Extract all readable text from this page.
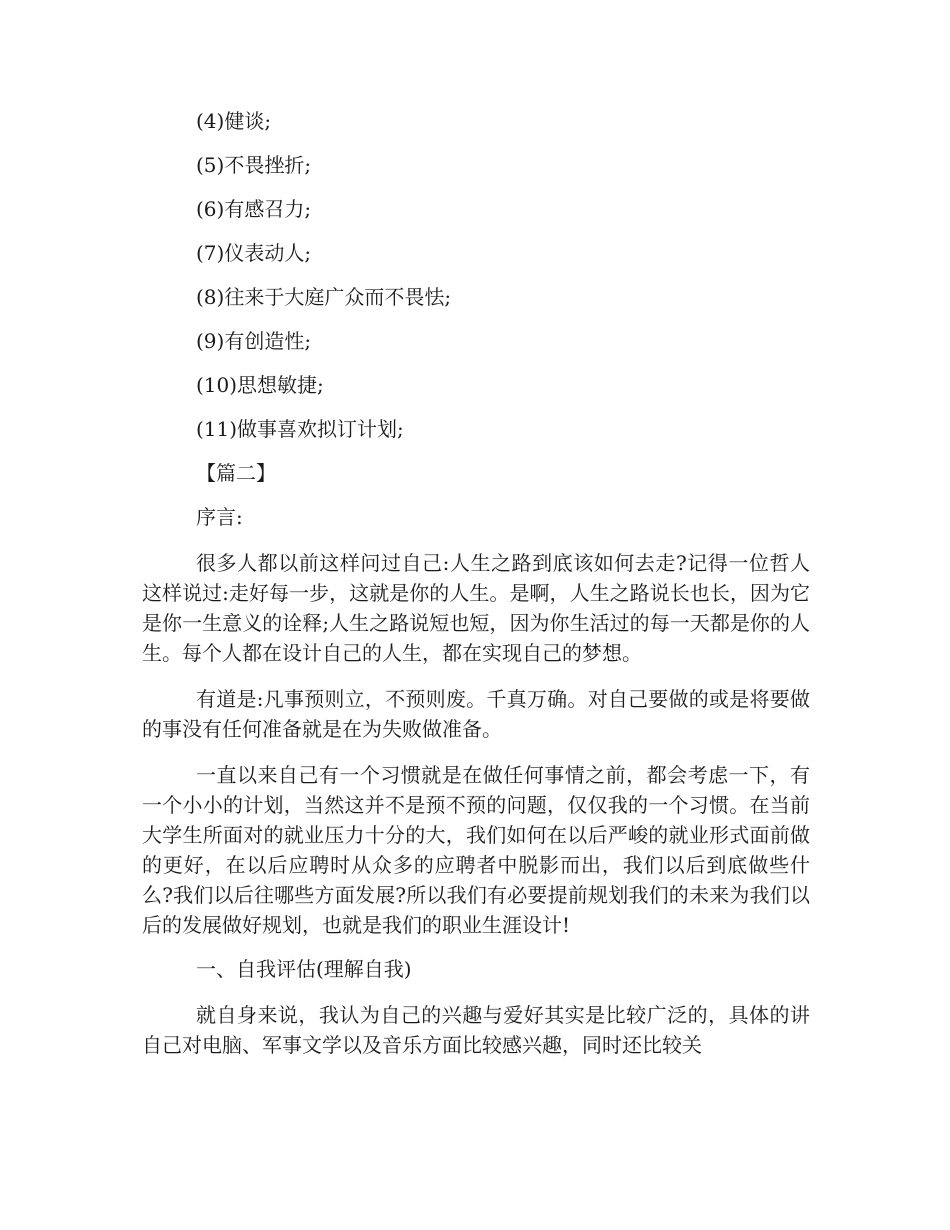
(4)健谈;

(5)不畏挫折;

(6)有感召力;

(7)仪表动人;

(8)往来于大庭广众而不畏怯;

(9)有创造性;

(10)思想敏捷;

(11)做事喜欢拟订计划;

【篇二】

序言:

很多人都以前这样问过自己:人生之路到底该如何去走?记得一位哲人这样说过:走好每一步，这就是你的人生。是啊，人生之路说长也长，因为它是你一生意义的诠释;人生之路说短也短，因为你生活过的每一天都是你的人生。每个人都在设计自己的人生，都在实现自己的梦想。

有道是:凡事预则立，不预则废。千真万确。对自己要做的或是将要做的事没有任何准备就是在为失败做准备。

一直以来自己有一个习惯就是在做任何事情之前，都会考虑一下，有一个小小的计划，当然这并不是预不预的问题，仅仅我的一个习惯。在当前大学生所面对的就业压力十分的大，我们如何在以后严峻的就业形式面前做的更好，在以后应聘时从众多的应聘者中脱影而出，我们以后到底做些什么?我们以后往哪些方面发展?所以我们有必要提前规划我们的未来为我们以后的发展做好规划，也就是我们的职业生涯设计!

一、自我评估(理解自我)

就自身来说，我认为自己的兴趣与爱好其实是比较广泛的，具体的讲自己对电脑、军事文学以及音乐方面比较感兴趣，同时还比较关
